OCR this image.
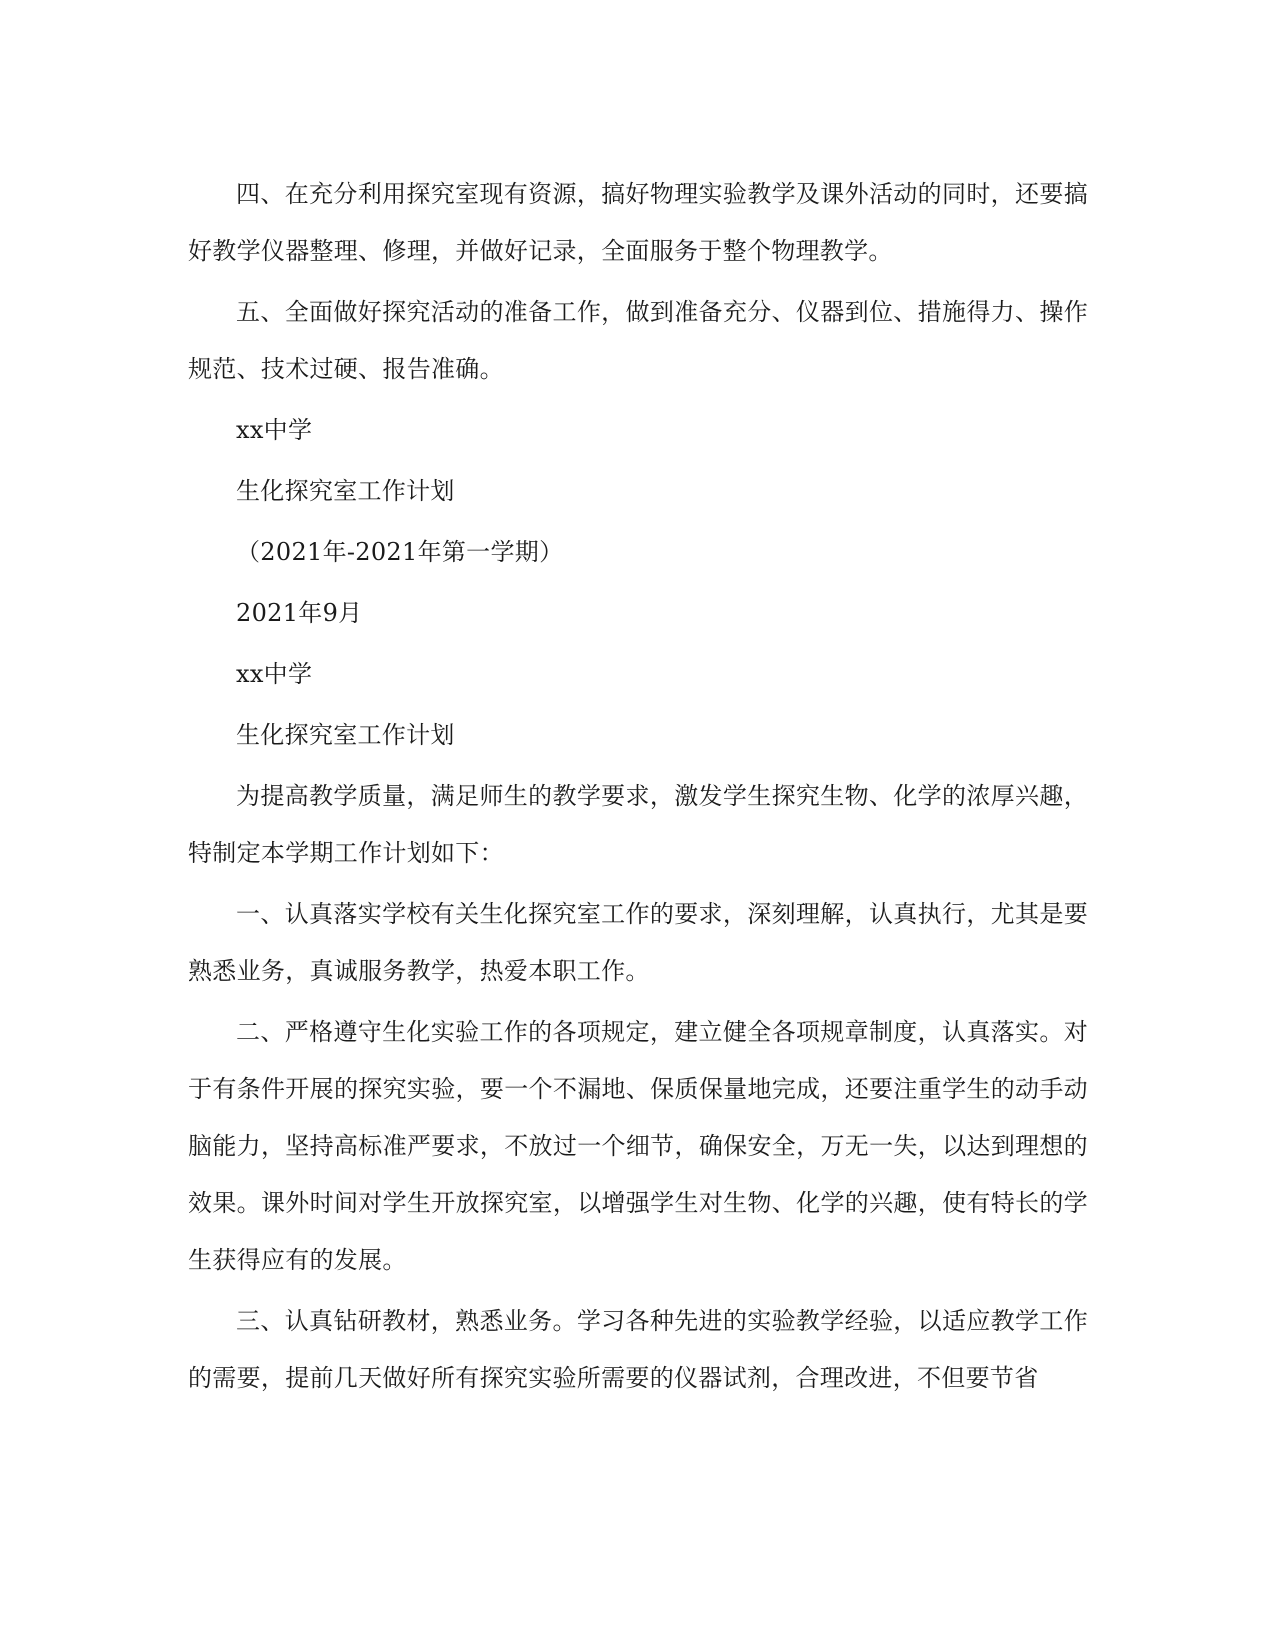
四、在充分利用探究室现有资源，搞好物理实验教学及课外活动的同时，还要搞好教学仪器整理、修理，并做好记录，全面服务于整个物理教学。

五、全面做好探究活动的准备工作，做到准备充分、仪器到位、措施得力、操作规范、技术过硬、报告准确。

xx中学

生化探究室工作计划

（2021年-2021年第一学期）

2021年9月

xx中学

生化探究室工作计划

为提高教学质量，满足师生的教学要求，激发学生探究生物、化学的浓厚兴趣，特制定本学期工作计划如下：

一、认真落实学校有关生化探究室工作的要求，深刻理解，认真执行，尤其是要熟悉业务，真诚服务教学，热爱本职工作。

二、严格遵守生化实验工作的各项规定，建立健全各项规章制度，认真落实。对于有条件开展的探究实验，要一个不漏地、保质保量地完成，还要注重学生的动手动脑能力，坚持高标准严要求，不放过一个细节，确保安全，万无一失，以达到理想的效果。课外时间对学生开放探究室，以增强学生对生物、化学的兴趣，使有特长的学生获得应有的发展。

三、认真钻研教材，熟悉业务。学习各种先进的实验教学经验，以适应教学工作的需要，提前几天做好所有探究实验所需要的仪器试剂，合理改进，不但要节省
